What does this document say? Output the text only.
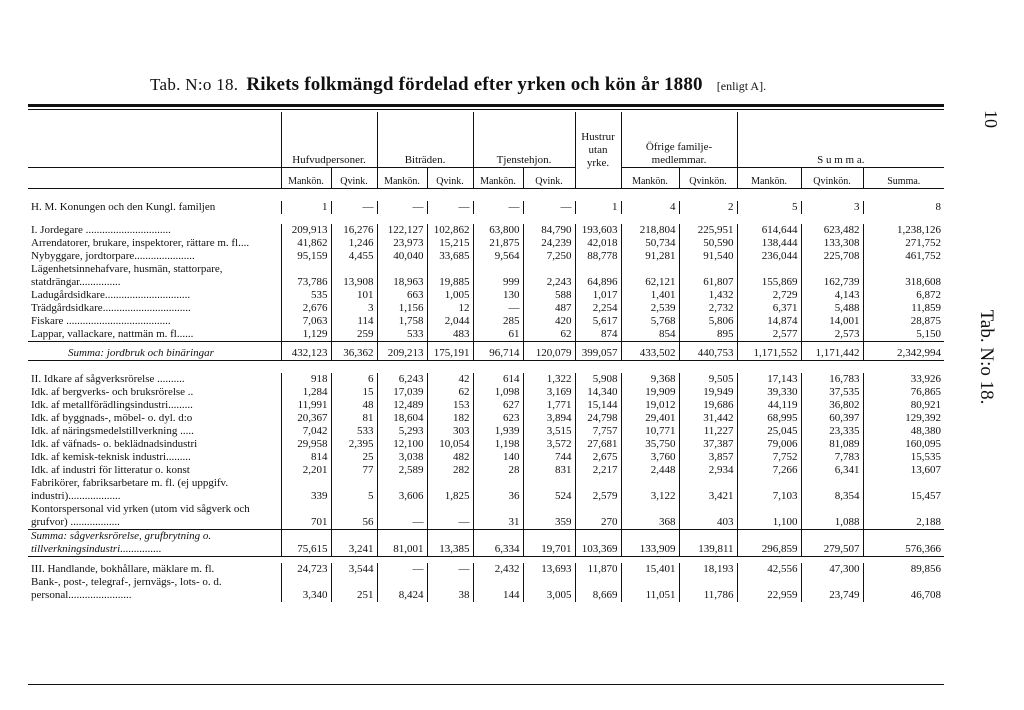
Tab. N:o 18. Rikets folkmängd fördelad efter yrken och kön år 1880 [enligt A].
10
Tab. N:o 18.
	Hufvudpersoner.		Biträden.		Tjenstehjon.		Hustrur utan yrke.	Öfrige familje-medlemmar.		S u m m a.		
	Mankön.	Qvink.	Mankön.	Qvink.	Mankön.	Qvink.		Mankön.	Qvinkön.	Mankön.	Qvinkön.	Summa.

H. M. Konungen och den Kungl. familjen	1	—	—	—	—	—	1	4	2	5	3	8

I. Jordegare ...............................	209,913	16,276	122,127	102,862	63,800	84,790	193,603	218,804	225,951	614,644	623,482	1,238,126
Arrendatorer, brukare, inspektorer, rättare m. fl....	41,862	1,246	23,973	15,215	21,875	24,239	42,018	50,734	50,590	138,444	133,308	271,752
Nybyggare, jordtorpare......................	95,159	4,455	40,040	33,685	9,564	7,250	88,778	91,281	91,540	236,044	225,708	461,752
Lägenhetsinnehafvare, husmän, stattorpare, statdrängar...............	73,786	13,908	18,963	19,885	999	2,243	64,896	62,121	61,807	155,869	162,739	318,608
Ladugårdsidkare...............................	535	101	663	1,005	130	588	1,017	1,401	1,432	2,729	4,143	6,872
Trädgårdsidkare................................	2,676	3	1,156	12	—	487	2,254	2,539	2,732	6,371	5,488	11,859
Fiskare ......................................	7,063	114	1,758	2,044	285	420	5,617	5,768	5,806	14,874	14,001	28,875
Lappar, vallackare, nattmän m. fl......	1,129	259	533	483	61	62	874	854	895	2,577	2,573	5,150
Summa: jordbruk och binäringar	432,123	36,362	209,213	175,191	96,714	120,079	399,057	433,502	440,753	1,171,552	1,171,442	2,342,994

II. Idkare af sågverksrörelse ..........	918	6	6,243	42	614	1,322	5,908	9,368	9,505	17,143	16,783	33,926
Idk. af bergverks- och bruksrörelse ..	1,284	15	17,039	62	1,098	3,169	14,340	19,909	19,949	39,330	37,535	76,865
Idk. af metallförädlingsindustri.........	11,991	48	12,489	153	627	1,771	15,144	19,012	19,686	44,119	36,802	80,921
Idk. af byggnads-, möbel- o. dyl. d:o	20,367	81	18,604	182	623	3,894	24,798	29,401	31,442	68,995	60,397	129,392
Idk. af näringsmedelstillverkning .....	7,042	533	5,293	303	1,939	3,515	7,757	10,771	11,227	25,045	23,335	48,380
Idk. af väfnads- o. beklädnadsindustri	29,958	2,395	12,100	10,054	1,198	3,572	27,681	35,750	37,387	79,006	81,089	160,095
Idk. af kemisk-teknisk industri.........	814	25	3,038	482	140	744	2,675	3,760	3,857	7,752	7,783	15,535
Idk. af industri för litteratur o. konst	2,201	77	2,589	282	28	831	2,217	2,448	2,934	7,266	6,341	13,607
Fabrikörer, fabriksarbetare m. fl. (ej uppgifv. industri)...................	339	5	3,606	1,825	36	524	2,579	3,122	3,421	7,103	8,354	15,457
Kontorspersonal vid yrken (utom vid sågverk och grufvor) ..................	701	56	—	—	31	359	270	368	403	1,100	1,088	2,188
Summa: sågverksrörelse, grufbrytning o. tillverkningsindustri...............	75,615	3,241	81,001	13,385	6,334	19,701	103,369	133,909	139,811	296,859	279,507	576,366

III. Handlande, bokhållare, mäklare m. fl.	24,723	3,544	—	—	2,432	13,693	11,870	15,401	18,193	42,556	47,300	89,856
Bank-, post-, telegraf-, jernvägs-, lots- o. d. personal.......................	3,340	251	8,424	38	144	3,005	8,669	11,051	11,786	22,959	23,749	46,708
